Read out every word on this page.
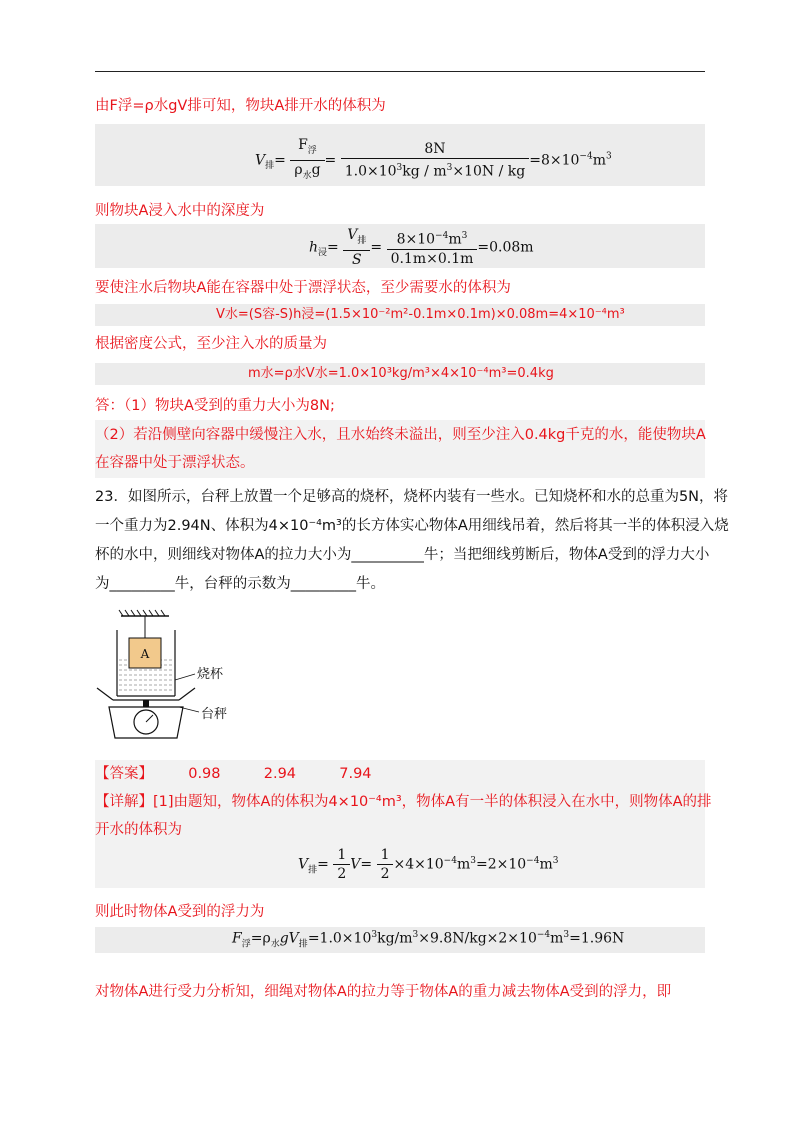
由F浮=ρ水gV排可知，物块A排开水的体积为
$V_排= \frac{F_浮}{\rho_水g} = \frac{8N}{1.0\times 10^3kg / m^3\times 10N / kg} =8\times 10^{-4}m^3$
则物块A浸入水中的深度为
$h_浸= \frac{V_排}{S} = \frac{8\times 10^{-4}m^3}{0.1m\times 0.1m} =0.08m$
要使注水后物块A能在容器中处于漂浮状态，至少需要水的体积为
V水=(S容-S)h浸=(1.5×10⁻²m²-0.1m×0.1m)×0.08m=4×10⁻⁴m³
根据密度公式，至少注入水的质量为
m水=ρ水V水=1.0×10³kg/m³×4×10⁻⁴m³=0.4kg
答：（1）物块A受到的重力大小为8N;
（2）若沿侧壁向容器中缓慢注入水，且水始终未溢出，则至少注入0.4kg千克的水，能使物块A
在容器中处于漂浮状态。
23．如图所示，台秤上放置一个足够高的烧杯，烧杯内装有一些水。已知烧杯和水的总重为5N，将
一个重力为2.94N、体积为4×10⁻⁴m³的长方体实心物体A用细线吊着，然后将其一半的体积浸入烧
杯的水中，则细线对物体A的拉力大小为__________牛；当把细线剪断后，物体A受到的浮力大小
为_________牛，台秤的示数为_________牛。
A
烧杯
台秤
【答案】 0.98	2.94	7.94
【详解】[1]由题知，物体A的体积为4×10⁻⁴m³，物体A有一半的体积浸入在水中，则物体A的排
开水的体积为
$V_排= \frac{1}{2} V= \frac{1}{2} \times 4\times 10^{-4}m^3=2\times 10^{-4}m^3$
则此时物体A受到的浮力为
$F_浮=\rho_水gV_排=1.0\times 10^3kg/m^3\times 9.8N/kg\times 2\times 10^{-4}m^3=1.96N$
对物体A进行受力分析知，细绳对物体A的拉力等于物体A的重力减去物体A受到的浮力，即
